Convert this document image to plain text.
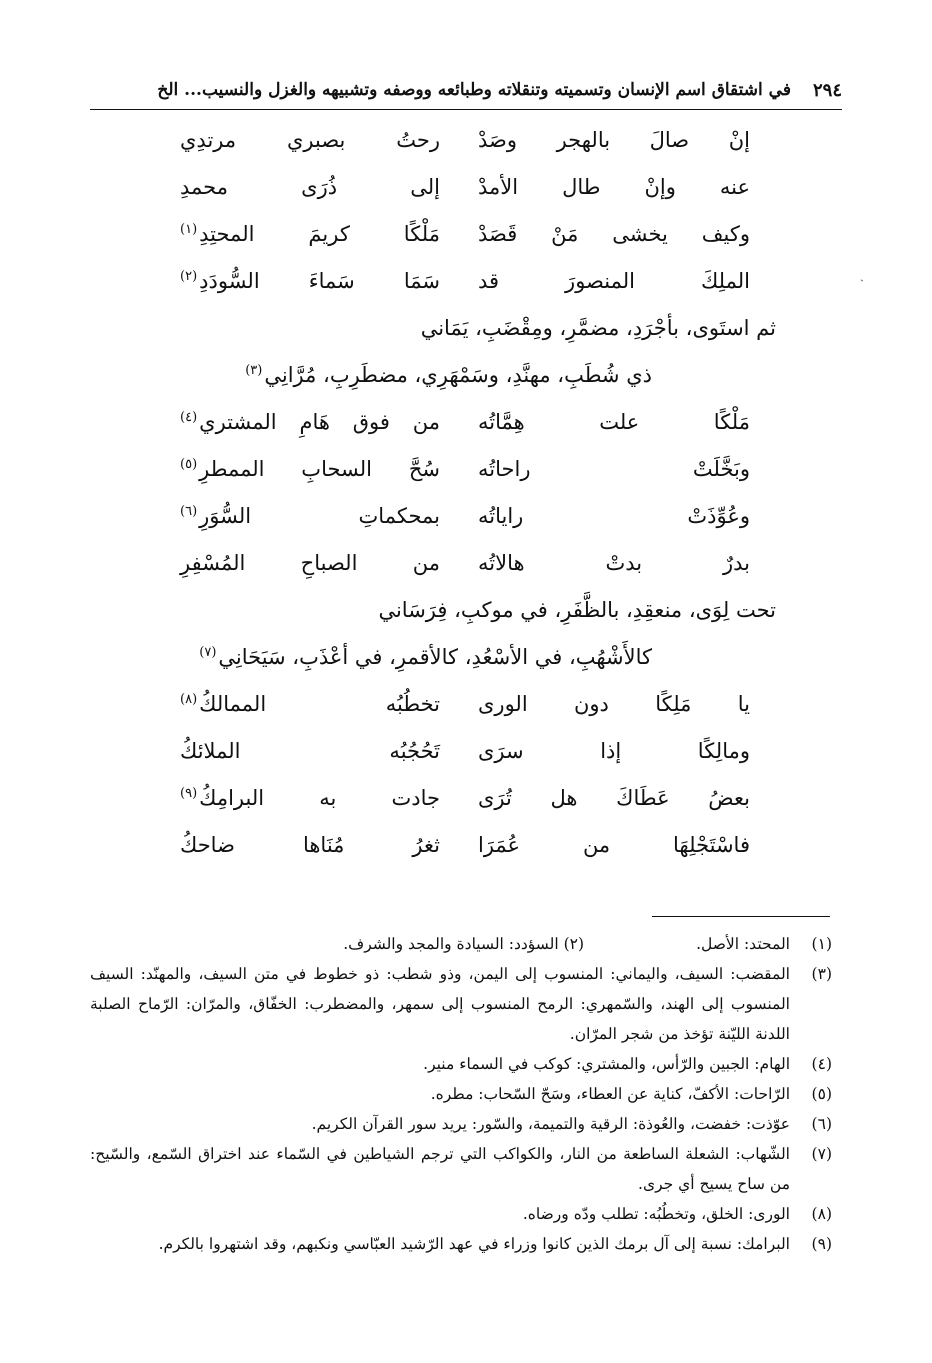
٢٩٤
في اشتقاق اسم الإنسان وتسميته وتنقلاته وطبائعه ووصفه وتشبيهه والغزل والنسيب... الخ
ˏ
إنْ صالَ بالهجر وصَدْ
رحتُ بصبري مرتدِي
عنه وإنْ طال الأمدْ
إلى ذُرَى محمدِ
وكيف يخشى مَنْ قَصَدْ
مَلْكًا كريمَ المحتِدِ$^{(١)}$
الملِكَ المنصورَ قد
سَمَا سَماءَ السُّودَدِ$^{(٢)}$
ثم استَوى، بأجْرَدِ، مضمَّرِ، ومِقْضَبِ، يَمَاني
ذي شُطَبِ، مهنَّدِ، وسَمْهَرِي، مضطَرِبِ، مُرَّانِي$^{(٣)}$
مَلْكًا علت هِمَّاتُه
من فوق هَامِ المشتري$^{(٤)}$
وبَخَّلَتْ راحاتُه
سُحَّ السحابِ الممطرِ$^{(٥)}$
وعُوِّذَتْ راياتُه
بمحكماتِ السُّوَرِ$^{(٦)}$
بدرٌ بدتْ هالاتُه
من الصباحِ المُسْفِرِ
تحت لِوَى، منعقِدِ، بالظَّفَرِ، في موكبِ، فِرَسَاني
كالأَشْهُبِ، في الأسْعُدِ، كالأقمرِ، في أعْذَبِ، سَيَحَانِي$^{(٧)}$
يا مَلِكًا دون الورى
تخطُبُه الممالكُ$^{(٨)}$
ومالِكًا إذا سرَى
تَحُجُبُه الملائكُ
بعضُ عَطَاكَ هل تُرَى
جادت به البرامِكُ$^{(٩)}$
فاسْتَجْلِهَا من عُمَرَا
ثغرُ مُنَاها ضاحكُ
(١)
المحتد: الأصل.
(٢) السؤدد: السيادة والمجد والشرف.
(٣)
المقضب: السيف، واليماني: المنسوب إلى اليمن، وذو شطب: ذو خطوط في متن السيف، والمهنّد: السيف المنسوب إلى الهند، والسّمهري: الرمح المنسوب إلى سمهر، والمضطرب: الخفّاق، والمرّان: الرّماح الصلبة اللدنة الليّنة تؤخذ من شجر المرّان.
(٤)
الهام: الجبين والرّأس، والمشتري: كوكب في السماء منير.
(٥)
الرّاحات: الأكفّ، كناية عن العطاء، وسَحّ السّحاب: مطره.
(٦)
عوّذت: خفضت، والعُوذة: الرقية والتميمة، والسّور: يريد سور القرآن الكريم.
(٧)
الشّهاب: الشعلة الساطعة من النار، والكواكب التي ترجم الشياطين في السّماء عند اختراق السّمع، والسّيح: من ساح يسيح أي جرى.
(٨)
الورى: الخلق، وتخطُبُه: تطلب ودّه ورضاه.
(٩)
البرامك: نسبة إلى آل برمك الذين كانوا وزراء في عهد الرّشيد العبّاسي ونكبهم، وقد اشتهروا بالكرم.
